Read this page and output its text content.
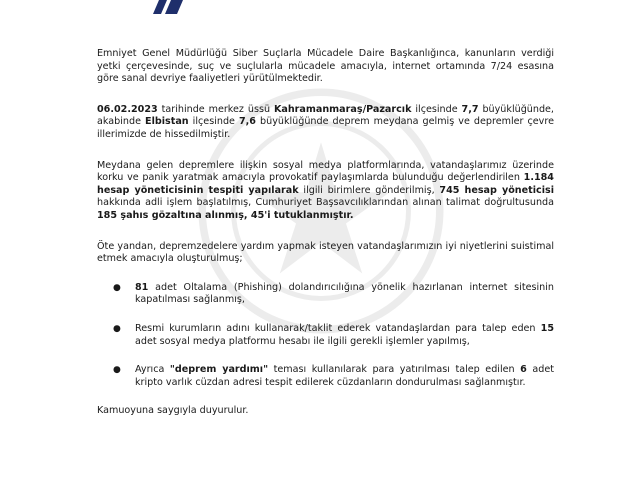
Emniyet Genel Müdürlüğü Siber Suçlarla Mücadele Daire Başkanlığınca, kanunların verdiği yetki çerçevesinde, suç ve suçlularla mücadele amacıyla, internet ortamında 7/24 esasına göre sanal devriye faaliyetleri yürütülmektedir.

06.02.2023 tarihinde merkez üssü Kahramanmaraş/Pazarcık ilçesinde 7,7 büyüklüğünde, akabinde Elbistan ilçesinde 7,6 büyüklüğünde deprem meydana gelmiş ve depremler çevre illerimizde de hissedilmiştir.

Meydana gelen depremlere ilişkin sosyal medya platformlarında, vatandaşlarımız üzerinde korku ve panik yaratmak amacıyla provokatif paylaşımlarda bulunduğu değerlendirilen 1.184 hesap yöneticisinin tespiti yapılarak ilgili birimlere gönderilmiş, 745 hesap yöneticisi hakkında adli işlem başlatılmış, Cumhuriyet Başsavcılıklarından alınan talimat doğrultusunda 185 şahıs gözaltına alınmış, 45'i tutuklanmıştır.

Öte yandan, depremzedelere yardım yapmak isteyen vatandaşlarımızın iyi niyetlerini suistimal etmek amacıyla oluşturulmuş;

●	81 adet Oltalama (Phishing) dolandırıcılığına yönelik hazırlanan internet sitesinin kapatılması sağlanmış,
●	Resmi kurumların adını kullanarak/taklit ederek vatandaşlardan para talep eden 15 adet sosyal medya platformu hesabı ile ilgili gerekli işlemler yapılmış,
●	Ayrıca "deprem yardımı" teması kullanılarak para yatırılması talep edilen 6 adet kripto varlık cüzdan adresi tespit edilerek cüzdanların dondurulması sağlanmıştır.

Kamuoyuna saygıyla duyurulur.
